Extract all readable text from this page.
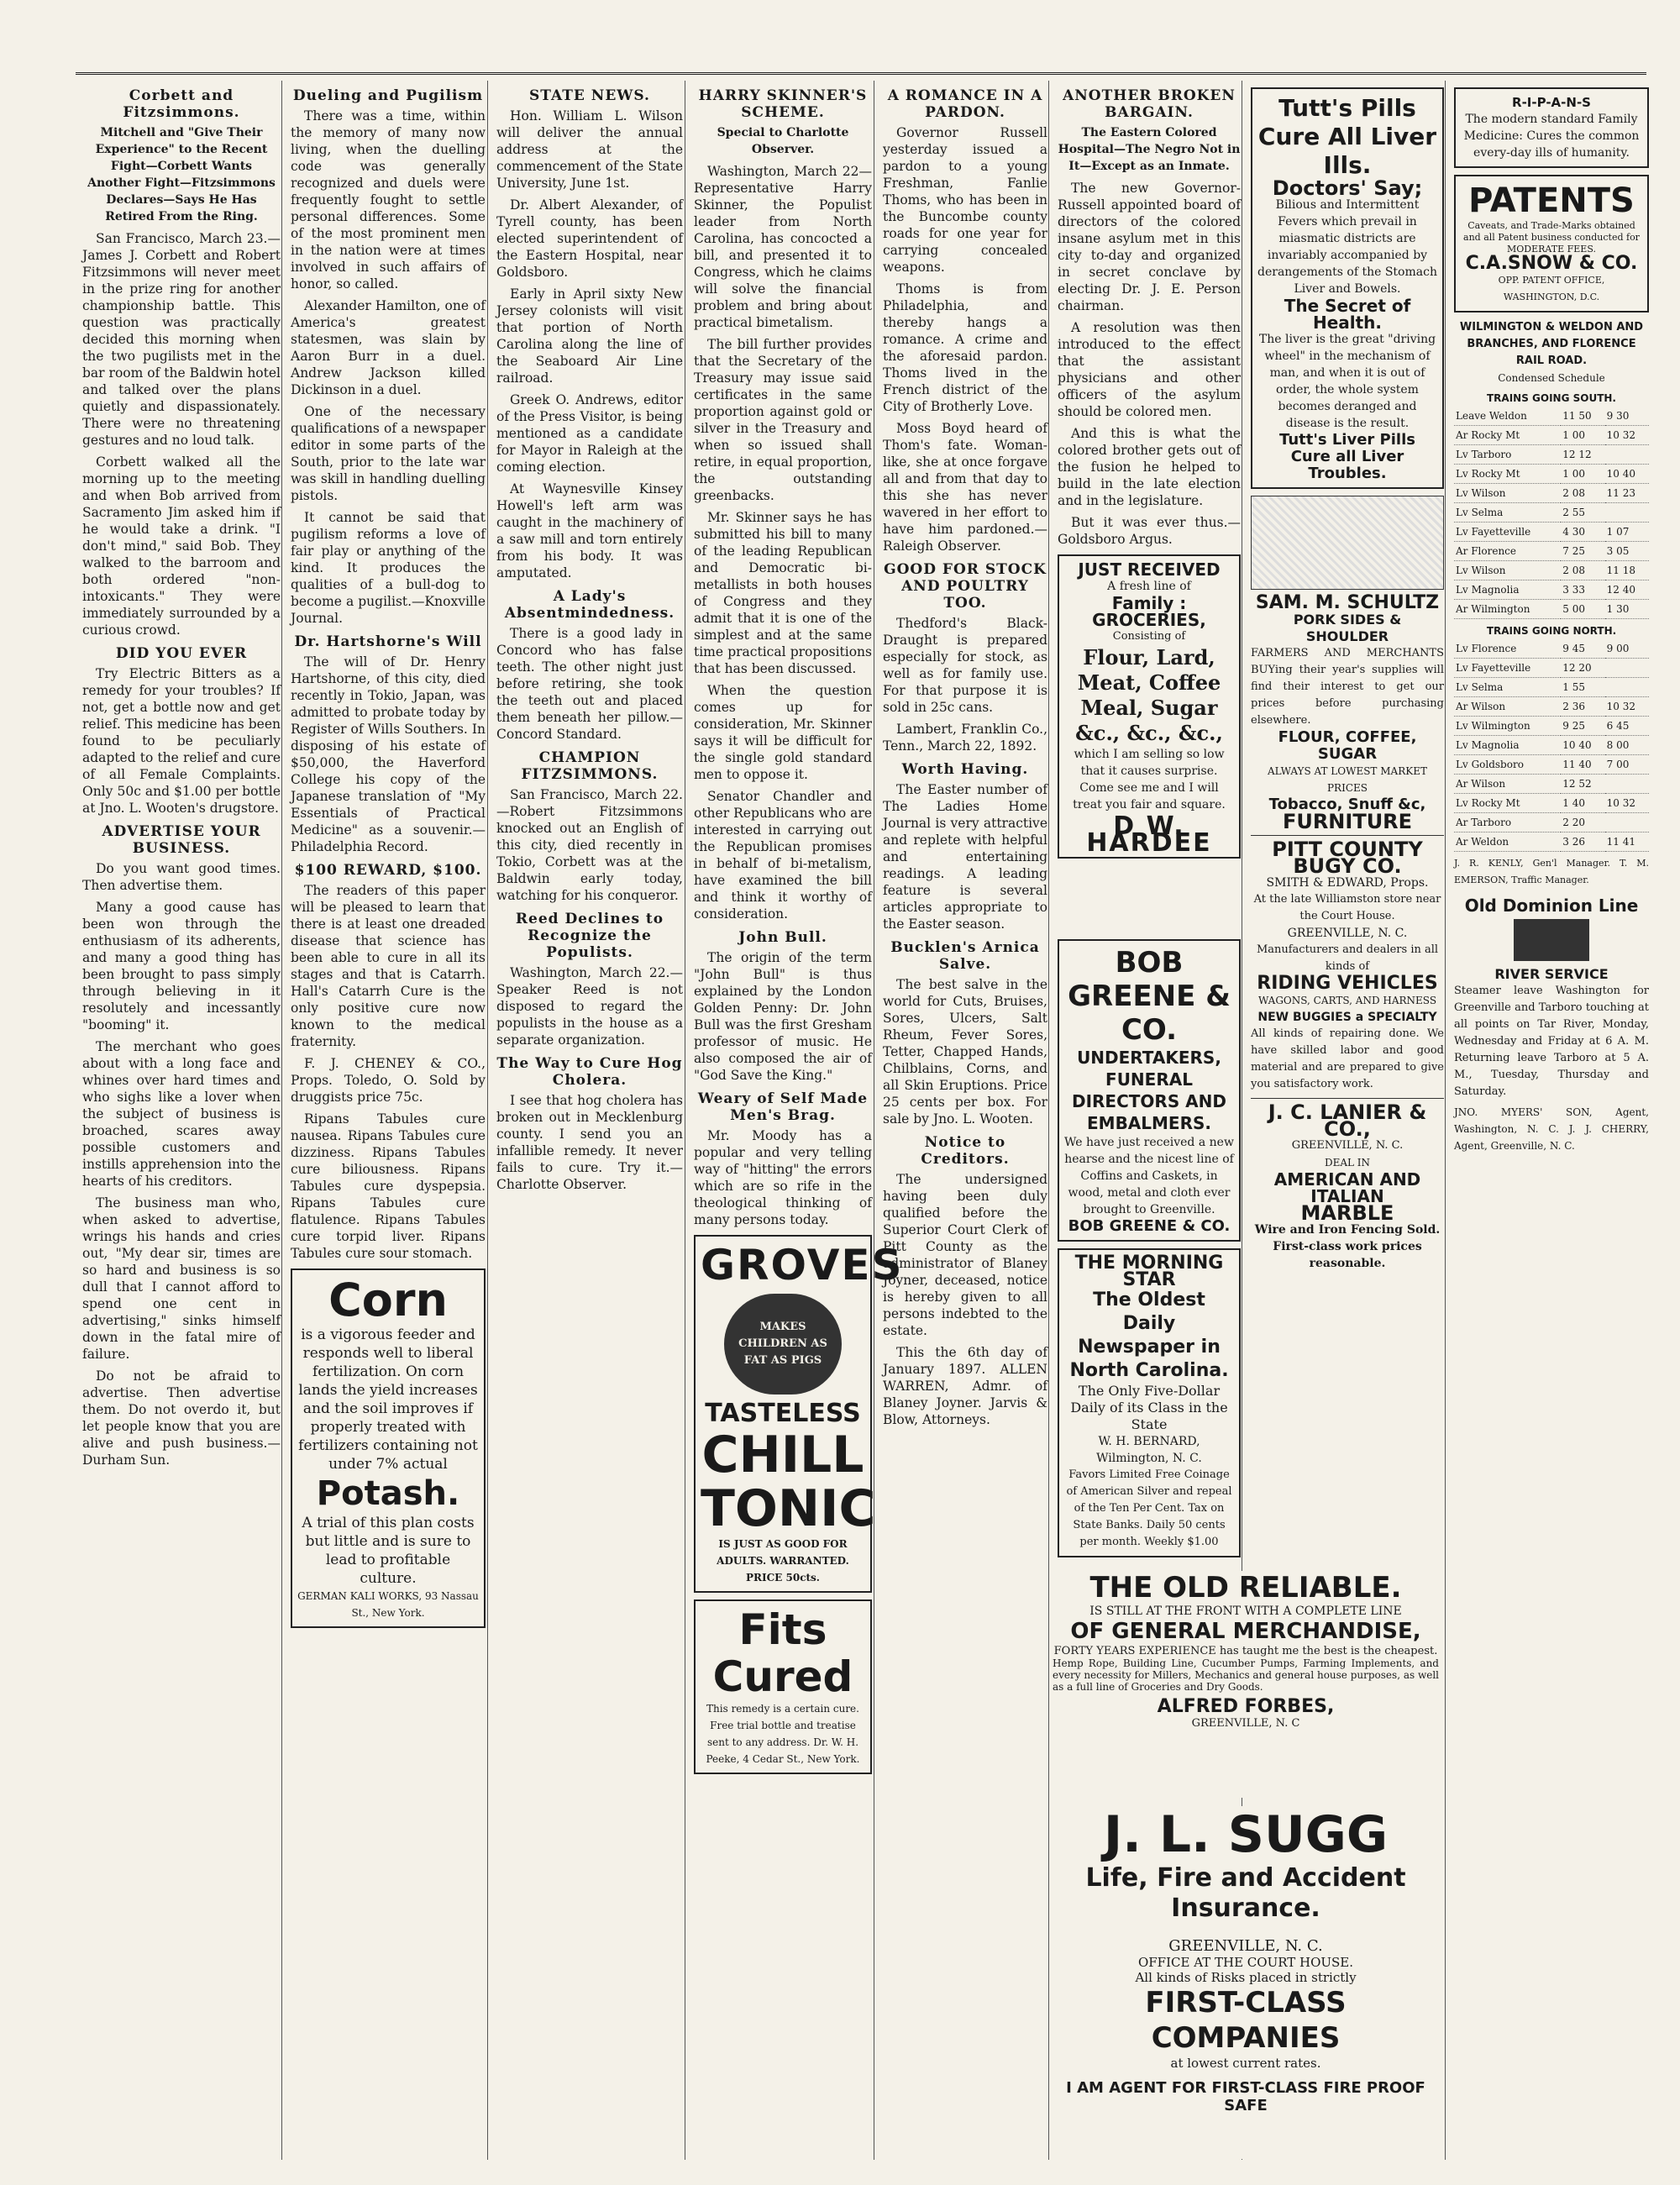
Corbett and Fitzsimmons.
Mitchell and "Give Their Experience" to the Recent Fight—Corbett Wants Another Fight—Fitzsimmons Declares—Says He Has Retired From the Ring.

San Francisco, March 23.—James J. Corbett and Robert Fitzsimmons will never meet in the prize ring for another championship battle. This question was practically decided this morning when the two pugilists met in the bar room of the Baldwin hotel and talked over the plans quietly and dispassionately. There were no threatening gestures and no loud talk.

Corbett walked all the morning up to the meeting and when Bob arrived from Sacramento Jim asked him if he would take a drink. "I don't mind," said Bob. They walked to the barroom and both ordered "non-intoxicants." They were immediately surrounded by a curious crowd.

DID YOU EVER

Try Electric Bitters as a remedy for your troubles? If not, get a bottle now and get relief. This medicine has been found to be peculiarly adapted to the relief and cure of all Female Complaints. Only 50c and $1.00 per bottle at Jno. L. Wooten's drugstore.

ADVERTISE YOUR BUSINESS.

Do you want good times. Then advertise them.

Many a good cause has been won through the enthusiasm of its adherents, and many a good thing has been brought to pass simply through believing in it resolutely and incessantly "booming" it.

The merchant who goes about with a long face and whines over hard times and who sighs like a lover when the subject of business is broached, scares away possible customers and instills apprehension into the hearts of his creditors.

The business man who, when asked to advertise, wrings his hands and cries out, "My dear sir, times are so hard and business is so dull that I cannot afford to spend one cent in advertising," sinks himself down in the fatal mire of failure.

Do not be afraid to advertise. Then advertise them. Do not overdo it, but let people know that you are alive and push business.—Durham Sun.

Dueling and Pugilism

There was a time, within the memory of many now living, when the duelling code was generally recognized and duels were frequently fought to settle personal differences. Some of the most prominent men in the nation were at times involved in such affairs of honor, so called.

Alexander Hamilton, one of America's greatest statesmen, was slain by Aaron Burr in a duel. Andrew Jackson killed Dickinson in a duel.

One of the necessary qualifications of a newspaper editor in some parts of the South, prior to the late war was skill in handling duelling pistols.

It cannot be said that pugilism reforms a love of fair play or anything of the kind. It produces the qualities of a bull-dog to become a pugilist.—Knoxville Journal.

Dr. Hartshorne's Will

The will of Dr. Henry Hartshorne, of this city, died recently in Tokio, Japan, was admitted to probate today by Register of Wills Southers. In disposing of his estate of $50,000, the Haverford College his copy of the Japanese translation of "My Essentials of Practical Medicine" as a souvenir.—Philadelphia Record.

$100 REWARD, $100.

The readers of this paper will be pleased to learn that there is at least one dreaded disease that science has been able to cure in all its stages and that is Catarrh. Hall's Catarrh Cure is the only positive cure now known to the medical fraternity.

F. J. CHENEY & CO., Props. Toledo, O. Sold by druggists price 75c.

Ripans Tabules cure nausea. Ripans Tabules cure dizziness. Ripans Tabules cure biliousness. Ripans Tabules cure dyspepsia. Ripans Tabules cure flatulence. Ripans Tabules cure torpid liver. Ripans Tabules cure sour stomach.

Corn
is a vigorous feeder and responds well to liberal fertilization. On corn lands the yield increases and the soil improves if properly treated with fertilizers containing not under 7% actual
Potash.
A trial of this plan costs but little and is sure to lead to profitable culture.
GERMAN KALI WORKS, 93 Nassau St., New York.
STATE NEWS.

Hon. William L. Wilson will deliver the annual address at the commencement of the State University, June 1st.

Dr. Albert Alexander, of Tyrell county, has been elected superintendent of the Eastern Hospital, near Goldsboro.

Early in April sixty New Jersey colonists will visit that portion of North Carolina along the line of the Seaboard Air Line railroad.

Greek O. Andrews, editor of the Press Visitor, is being mentioned as a candidate for Mayor in Raleigh at the coming election.

At Waynesville Kinsey Howell's left arm was caught in the machinery of a saw mill and torn entirely from his body. It was amputated.

A Lady's Absentmindedness.

There is a good lady in Concord who has false teeth. The other night just before retiring, she took the teeth out and placed them beneath her pillow.—Concord Standard.

CHAMPION FITZSIMMONS.

San Francisco, March 22.—Robert Fitzsimmons knocked out an English of this city, died recently in Tokio, Corbett was at the Baldwin early today, watching for his conqueror.

Reed Declines to Recognize the Populists.

Washington, March 22.—Speaker Reed is not disposed to regard the populists in the house as a separate organization.

The Way to Cure Hog Cholera.

I see that hog cholera has broken out in Mecklenburg county. I send you an infallible remedy. It never fails to cure. Try it.—Charlotte Observer.

HARRY SKINNER'S SCHEME.
Special to Charlotte Observer.

Washington, March 22—Representative Harry Skinner, the Populist leader from North Carolina, has concocted a bill, and presented it to Congress, which he claims will solve the financial problem and bring about practical bimetalism.

The bill further provides that the Secretary of the Treasury may issue said certificates in the same proportion against gold or silver in the Treasury and when so issued shall retire, in equal proportion, the outstanding greenbacks.

Mr. Skinner says he has submitted his bill to many of the leading Republican and Democratic bi-metallists in both houses of Congress and they admit that it is one of the simplest and at the same time practical propositions that has been discussed.

When the question comes up for consideration, Mr. Skinner says it will be difficult for the single gold standard men to oppose it.

Senator Chandler and other Republicans who are interested in carrying out the Republican promises in behalf of bi-metalism, have examined the bill and think it worthy of consideration.

John Bull.

The origin of the term "John Bull" is thus explained by the London Golden Penny: Dr. John Bull was the first Gresham professor of music. He also composed the air of "God Save the King."

Weary of Self Made Men's Brag.

Mr. Moody has a popular and very telling way of "hitting" the errors which are so rife in the theological thinking of many persons today.

GROVES
MAKES CHILDREN AS FAT AS PIGS
TASTELESS
CHILL
TONIC
IS JUST AS GOOD FOR ADULTS. WARRANTED. PRICE 50cts.
Fits Cured
This remedy is a certain cure. Free trial bottle and treatise sent to any address. Dr. W. H. Peeke, 4 Cedar St., New York.
A ROMANCE IN A PARDON.

Governor Russell yesterday issued a pardon to a young Freshman, Fanlie Thoms, who has been in the Buncombe county roads for one year for carrying concealed weapons.

Thoms is from Philadelphia, and thereby hangs a romance. A crime and the aforesaid pardon. Thoms lived in the French district of the City of Brotherly Love.

Moss Boyd heard of Thom's fate. Woman-like, she at once forgave all and from that day to this she has never wavered in her effort to have him pardoned.—Raleigh Observer.

GOOD FOR STOCK AND POULTRY TOO.

Thedford's Black-Draught is prepared especially for stock, as well as for family use. For that purpose it is sold in 25c cans.

Lambert, Franklin Co., Tenn., March 22, 1892.

Worth Having.

The Easter number of The Ladies Home Journal is very attractive and replete with helpful and entertaining readings. A leading feature is several articles appropriate to the Easter season.

Bucklen's Arnica Salve.

The best salve in the world for Cuts, Bruises, Sores, Ulcers, Salt Rheum, Fever Sores, Tetter, Chapped Hands, Chilblains, Corns, and all Skin Eruptions. Price 25 cents per box. For sale by Jno. L. Wooten.

Notice to Creditors.

The undersigned having been duly qualified before the Superior Court Clerk of Pitt County as the administrator of Blaney Joyner, deceased, notice is hereby given to all persons indebted to the estate.

This the 6th day of January 1897. ALLEN WARREN, Admr. of Blaney Joyner. Jarvis & Blow, Attorneys.

ANOTHER BROKEN BARGAIN.
The Eastern Colored Hospital—The Negro Not in It—Except as an Inmate.

The new Governor-Russell appointed board of directors of the colored insane asylum met in this city to-day and organized in secret conclave by electing Dr. J. E. Person chairman.

A resolution was then introduced to the effect that the assistant physicians and other officers of the asylum should be colored men.

And this is what the colored brother gets out of the fusion he helped to build in the late election and in the legislature.

But it was ever thus.—Goldsboro Argus.

JUST RECEIVED
A fresh line of
Family : GROCERIES,
Consisting of
Flour, Lard, Meat, Coffee Meal, Sugar &c., &c., &c.,
which I am selling so low that it causes surprise. Come see me and I will treat you fair and square.
D W. HARDEE
BOB GREENE & CO.
UNDERTAKERS, FUNERAL DIRECTORS AND EMBALMERS.
We have just received a new hearse and the nicest line of Coffins and Caskets, in wood, metal and cloth ever brought to Greenville.
BOB GREENE & CO.
THE MORNING STAR
The Oldest Daily Newspaper in North Carolina.
The Only Five-Dollar Daily of its Class in the State
W. H. BERNARD, Wilmington, N. C.
Favors Limited Free Coinage of American Silver and repeal of the Ten Per Cent. Tax on State Banks. Daily 50 cents per month. Weekly $1.00
Tutt's Pills Cure All Liver Ills.
Doctors' Say;
Bilious and Intermittent Fevers which prevail in miasmatic districts are invariably accompanied by derangements of the Stomach Liver and Bowels.
The Secret of Health.
The liver is the great "driving wheel" in the mechanism of man, and when it is out of order, the whole system becomes deranged and disease is the result.
Tutt's Liver Pills Cure all Liver Troubles.
SAM. M. SCHULTZ
PORK SIDES & SHOULDER
FARMERS AND MERCHANTS BUYing their year's supplies will find their interest to get our prices before purchasing elsewhere.
FLOUR, COFFEE, SUGAR
ALWAYS AT LOWEST MARKET PRICES
Tobacco, Snuff &c,
FURNITURE
PITT COUNTY BUGY CO.
SMITH & EDWARD, Props.
At the late Williamston store near the Court House.
GREENVILLE, N. C.
Manufacturers and dealers in all kinds of
RIDING VEHICLES
WAGONS, CARTS, AND HARNESS
NEW BUGGIES a SPECIALTY
All kinds of repairing done. We have skilled labor and good material and are prepared to give you satisfactory work.
J. C. LANIER & CO.,
GREENVILLE, N. C.
DEAL IN
AMERICAN AND ITALIAN
MARBLE
Wire and Iron Fencing Sold. First-class work prices reasonable.
R-I-P-A-N-S
The modern standard Family Medicine: Cures the common every-day ills of humanity.
PATENTS
Caveats, and Trade-Marks obtained and all Patent business conducted for MODERATE FEES.
C.A.SNOW & CO.
OPP. PATENT OFFICE, WASHINGTON, D.C.
WILMINGTON & WELDON AND BRANCHES, AND FLORENCE RAIL ROAD.
Condensed Schedule
TRAINS GOING SOUTH.
Leave Weldon	11 50	9 30
Ar Rocky Mt	1 00	10 32
Lv Tarboro	12 12	
Lv Rocky Mt	1 00	10 40
Lv Wilson	2 08	11 23
Lv Selma	2 55	
Lv Fayetteville	4 30	1 07
Ar Florence	7 25	3 05
Lv Wilson	2 08	11 18
Lv Magnolia	3 33	12 40
Ar Wilmington	5 00	1 30
TRAINS GOING NORTH.
Lv Florence	9 45	9 00
Lv Fayetteville	12 20	
Lv Selma	1 55	
Ar Wilson	2 36	10 32
Lv Wilmington	9 25	6 45
Lv Magnolia	10 40	8 00
Lv Goldsboro	11 40	7 00
Ar Wilson	12 52	
Lv Rocky Mt	1 40	10 32
Ar Tarboro	2 20	
Ar Weldon	3 26	11 41
J. R. KENLY, Gen'l Manager. T. M. EMERSON, Traffic Manager.
Old Dominion Line
RIVER SERVICE
Steamer leave Washington for Greenville and Tarboro touching at all points on Tar River, Monday, Wednesday and Friday at 6 A. M. Returning leave Tarboro at 5 A. M., Tuesday, Thursday and Saturday.
JNO. MYERS' SON, Agent, Washington, N. C. J. J. CHERRY, Agent, Greenville, N. C.
THE OLD RELIABLE.
IS STILL AT THE FRONT WITH A COMPLETE LINE
OF GENERAL MERCHANDISE,
FORTY YEARS EXPERIENCE has taught me the best is the cheapest.
Hemp Rope, Building Line, Cucumber Pumps, Farming Implements, and every necessity for Millers, Mechanics and general house purposes, as well as a full line of Groceries and Dry Goods.
ALFRED FORBES,
GREENVILLE, N. C
J. L. SUGG
Life, Fire and Accident Insurance.
GREENVILLE, N. C.
OFFICE AT THE COURT HOUSE.
All kinds of Risks placed in strictly
FIRST-CLASS COMPANIES
at lowest current rates.
I AM AGENT FOR FIRST-CLASS FIRE PROOF SAFE
